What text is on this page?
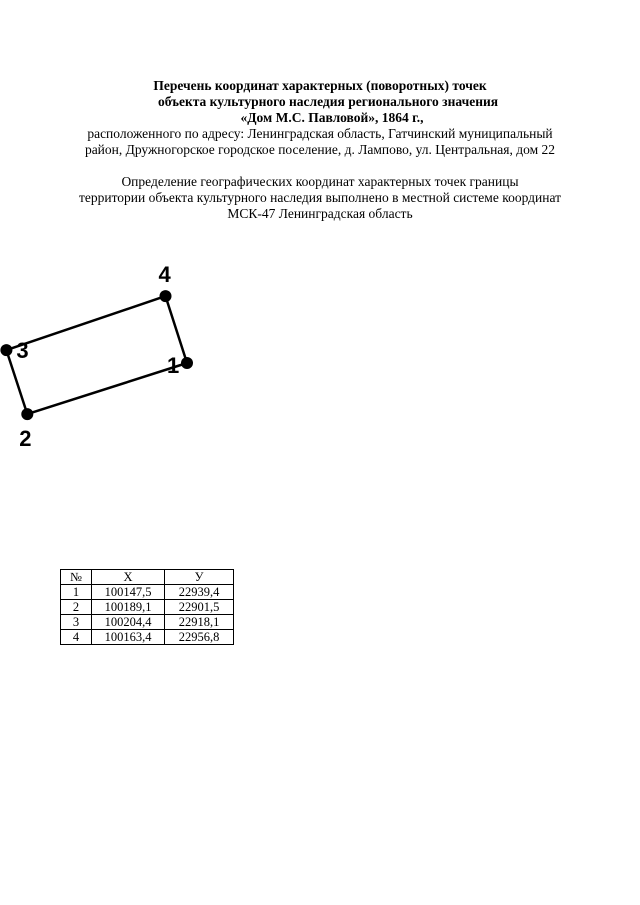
Перечень координат характерных (поворотных) точек
объекта культурного наследия регионального значения
«Дом М.С. Павловой», 1864 г.,
расположенного по адресу: Ленинградская область, Гатчинский муниципальный
район, Дружногорское городское поселение, д. Лампово, ул. Центральная, дом 22
Определение географических координат характерных точек границы
территории объекта культурного наследия выполнено в местной системе координат
МСК-47 Ленинградская область
1
2
3
4
№	X	У
1	100147,5	22939,4
2	100189,1	22901,5
3	100204,4	22918,1
4	100163,4	22956,8
